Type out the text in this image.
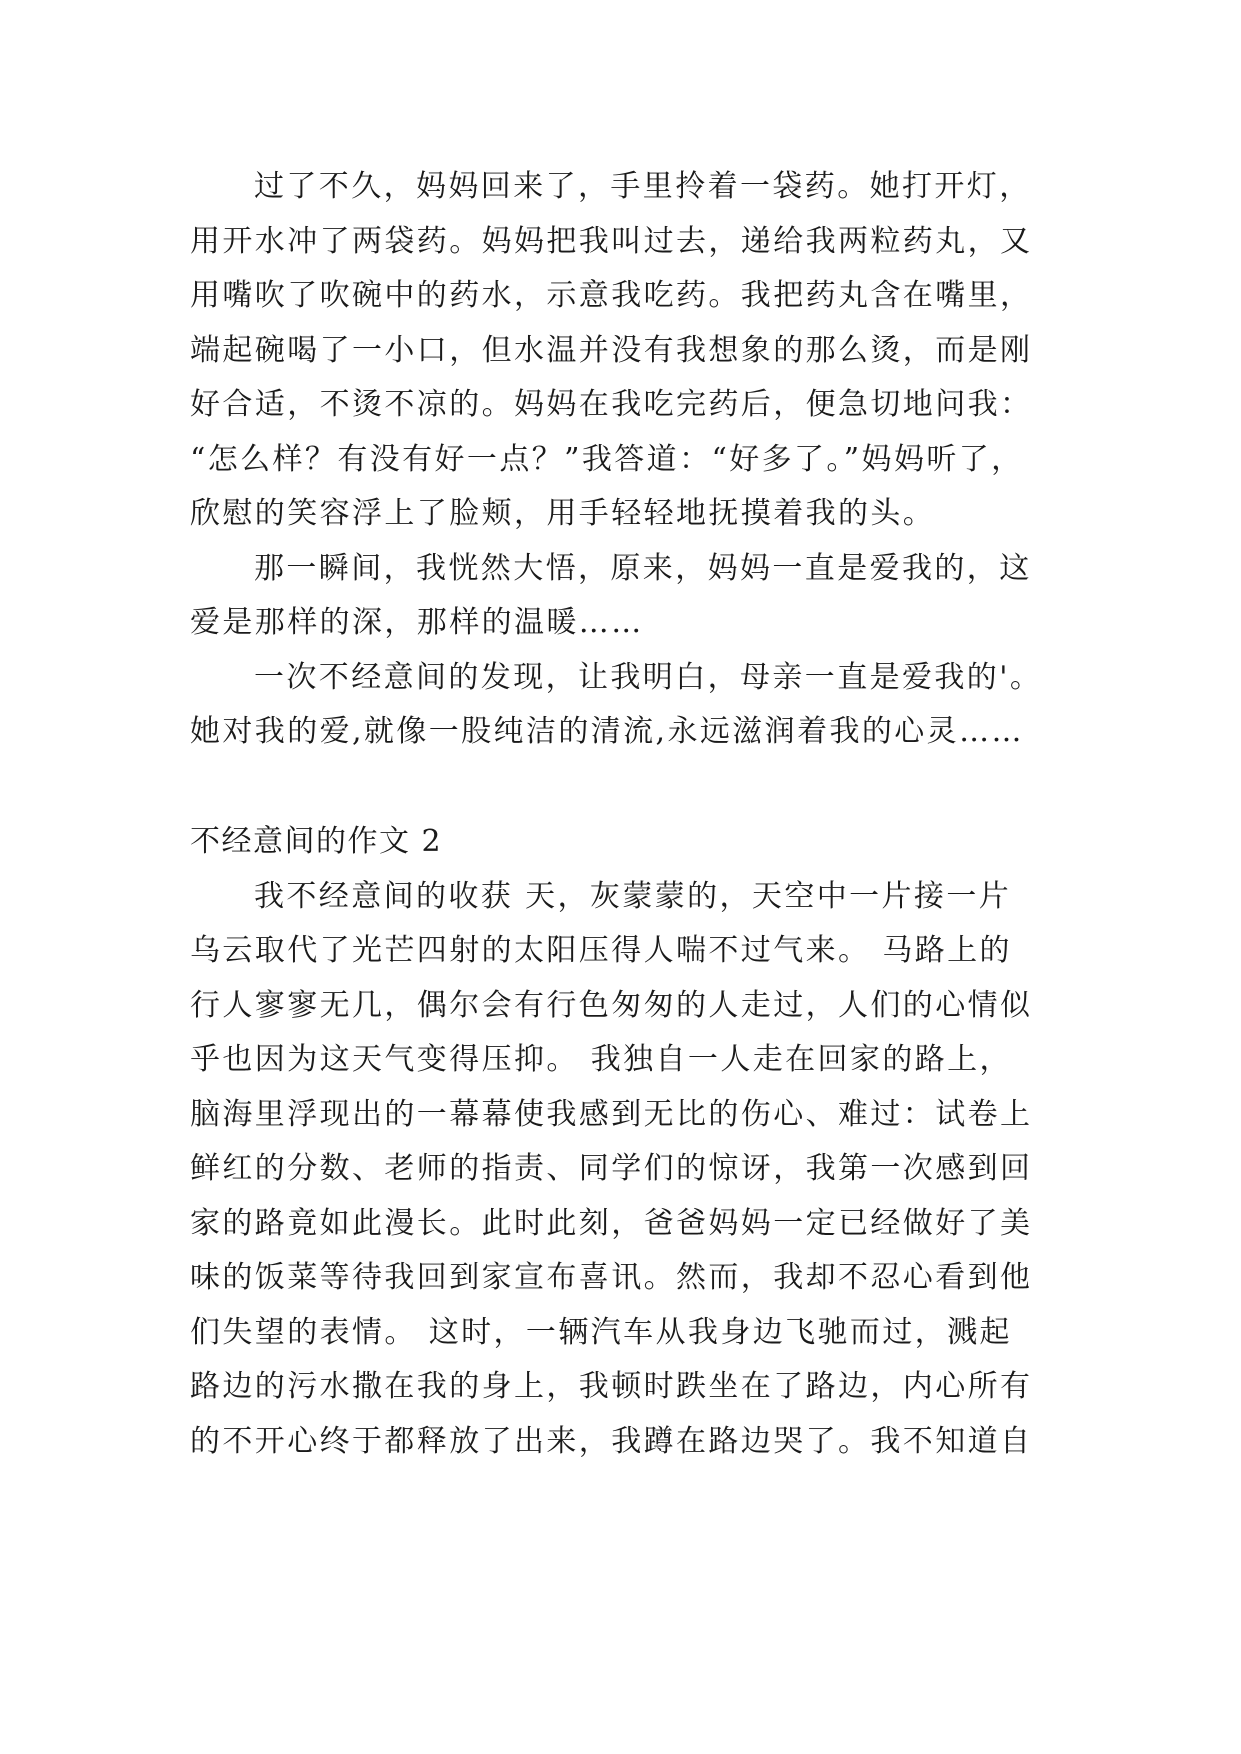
过了不久，妈妈回来了，手里拎着一袋药。她打开灯，
用开水冲了两袋药。妈妈把我叫过去，递给我两粒药丸，又
用嘴吹了吹碗中的药水，示意我吃药。我把药丸含在嘴里，
端起碗喝了一小口，但水温并没有我想象的那么烫，而是刚
好合适，不烫不凉的。妈妈在我吃完药后，便急切地问我：
“怎么样？有没有好一点？”我答道：“好多了。”妈妈听了，
欣慰的笑容浮上了脸颊，用手轻轻地抚摸着我的头。
那一瞬间，我恍然大悟，原来，妈妈一直是爱我的，这
爱是那样的深，那样的温暖……
一次不经意间的发现，让我明白，母亲一直是爱我的'。
她对我的爱,就像一股纯洁的清流,永远滋润着我的心灵……
不经意间的作文 2
我不经意间的收获 天，灰蒙蒙的，天空中一片接一片
乌云取代了光芒四射的太阳压得人喘不过气来。 马路上的
行人寥寥无几，偶尔会有行色匆匆的人走过，人们的心情似
乎也因为这天气变得压抑。 我独自一人走在回家的路上，
脑海里浮现出的一幕幕使我感到无比的伤心、难过：试卷上
鲜红的分数、老师的指责、同学们的惊讶，我第一次感到回
家的路竟如此漫长。此时此刻，爸爸妈妈一定已经做好了美
味的饭菜等待我回到家宣布喜讯。然而，我却不忍心看到他
们失望的表情。 这时，一辆汽车从我身边飞驰而过，溅起
路边的污水撒在我的身上，我顿时跌坐在了路边，内心所有
的不开心终于都释放了出来，我蹲在路边哭了。我不知道自
